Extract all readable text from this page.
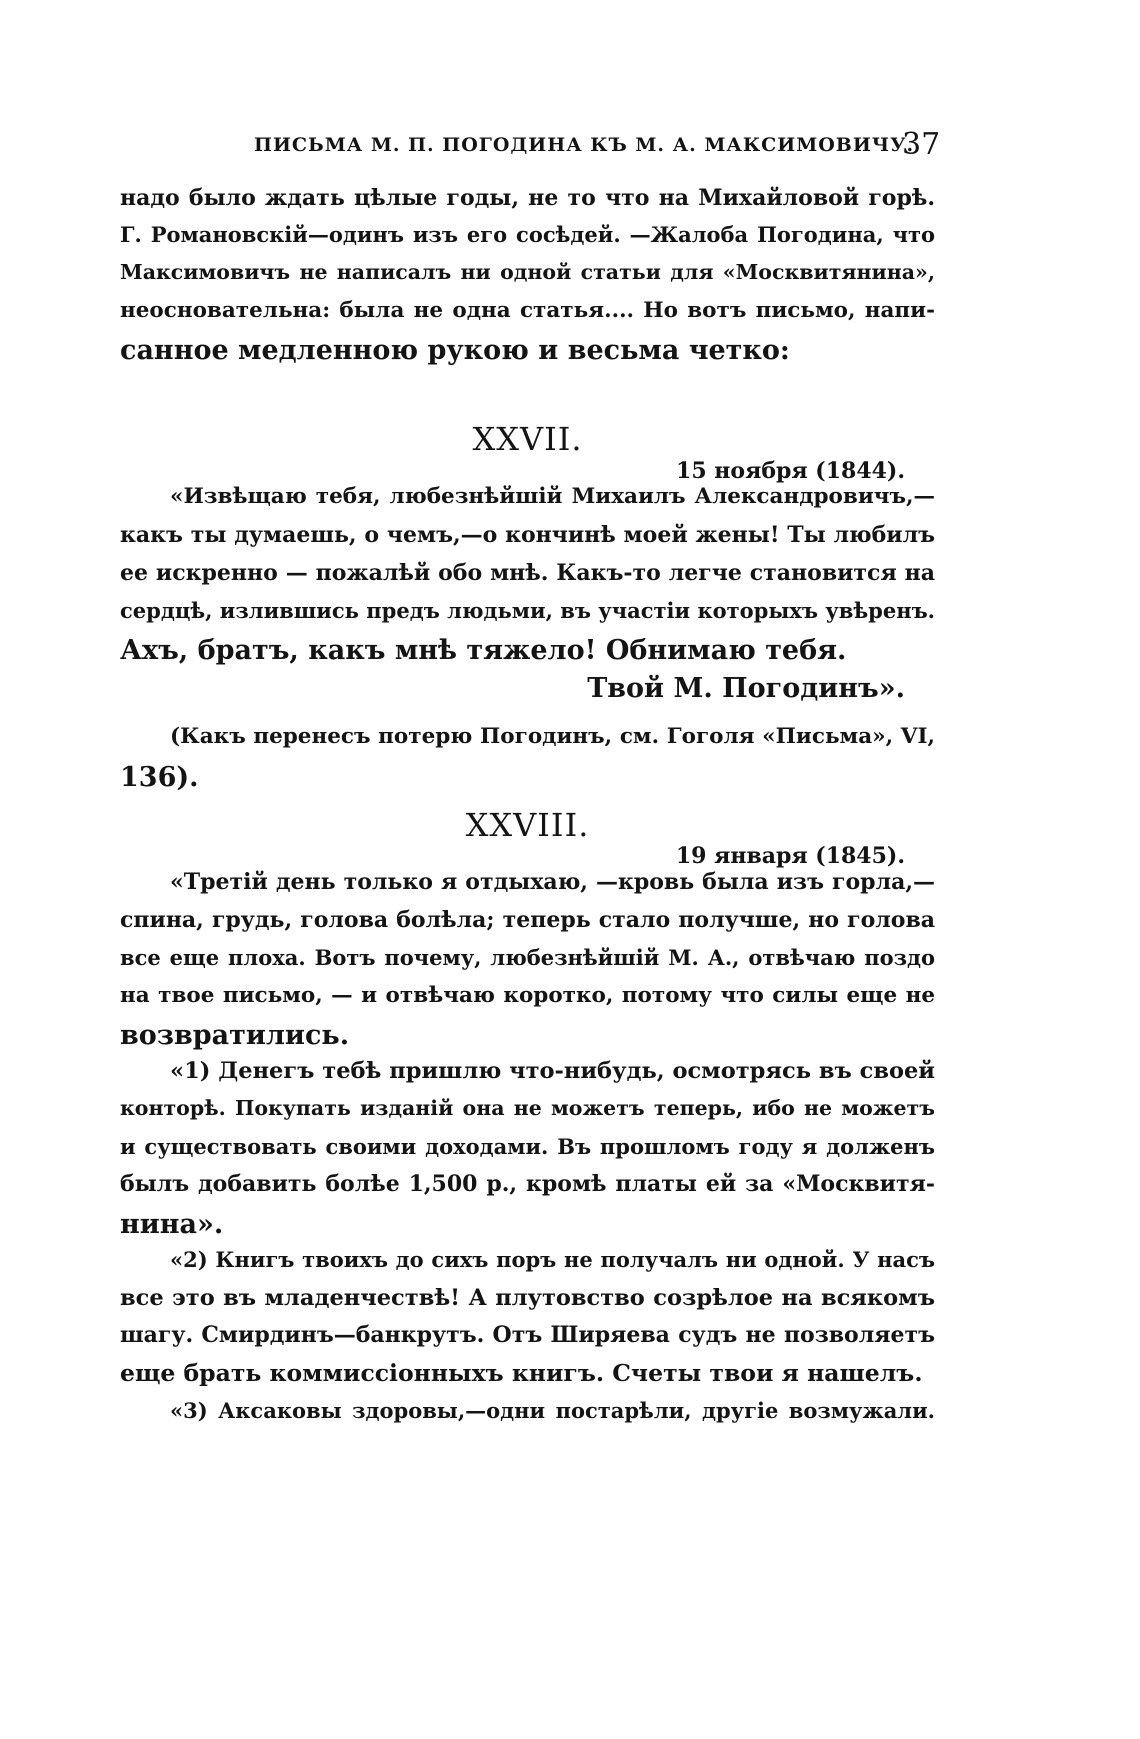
ПИСЬМА М. П. ПОГОДИНА КЪ М. А. МАКСИМОВИЧУ.
37
надо было ждать цѣлые годы, не то что на Михайловой горѣ.
Г. Романовскій—одинъ изъ его сосѣдей. —Жалоба Погодина, что
Максимовичъ не написалъ ни одной статьи для «Москвитянина»,
неосновательна: была не одна статья.... Но вотъ письмо, напи-
санное медленною рукою и весьма четко:
XXVII.
15 ноября (1844).
«Извѣщаю тебя, любезнѣйшій Михаилъ Александровичъ,—
какъ ты думаешь, о чемъ,—о кончинѣ моей жены! Ты любилъ
ее искренно — пожалѣй обо мнѣ. Какъ-то легче становится на
сердцѣ, излившись предъ людьми, въ участіи которыхъ увѣренъ.
Ахъ, братъ, какъ мнѣ тяжело! Обнимаю тебя.
Твой М. Погодинъ».
(Какъ перенесъ потерю Погодинъ, см. Гоголя «Письма», VI,
136).
XXVIII.
19 января (1845).
«Третій день только я отдыхаю, —кровь была изъ горла,—
спина, грудь, голова болѣла; теперь стало получше, но голова
все еще плоха. Вотъ почему, любезнѣйшій М. А., отвѣчаю поздо
на твое письмо, — и отвѣчаю коротко, потому что силы еще не
возвратились.
«1) Денегъ тебѣ пришлю что-нибудь, осмотрясь въ своей
конторѣ. Покупать изданій она не можетъ теперь, ибо не можетъ
и существовать своими доходами. Въ прошломъ году я долженъ
былъ добавить болѣе 1,500 р., кромѣ платы ей за «Москвитя-
нина».
«2) Книгъ твоихъ до сихъ поръ не получалъ ни одной. У насъ
все это въ младенчествѣ! А плутовство созрѣлое на всякомъ
шагу. Смирдинъ—банкрутъ. Отъ Ширяева судъ не позволяетъ
еще брать коммиссіонныхъ книгъ. Счеты твои я нашелъ.
«3) Аксаковы здоровы,—одни постарѣли, другіе возмужали.
